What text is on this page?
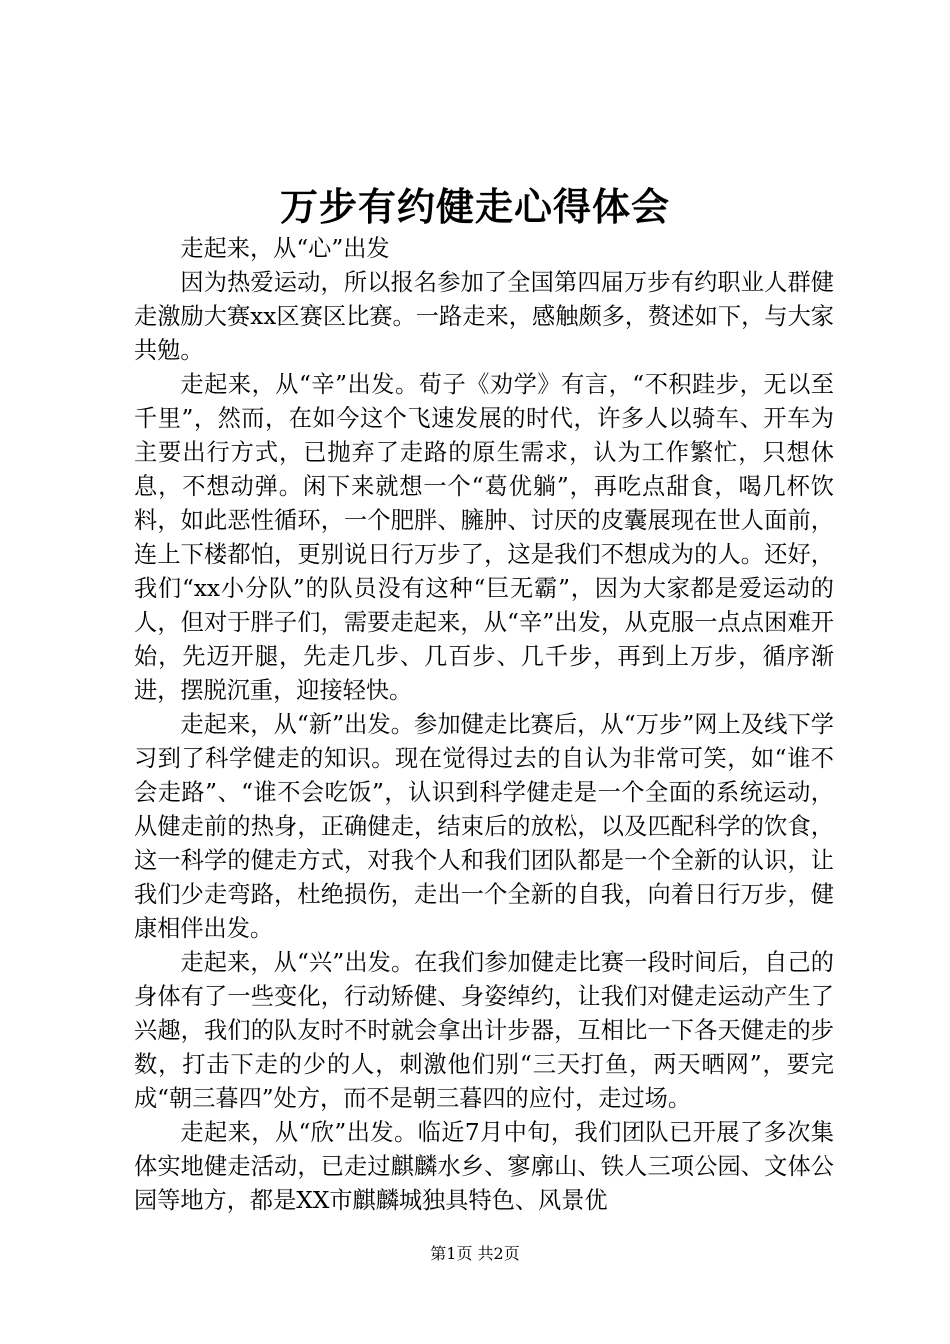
万步有约健走心得体会

走起来，从“心”出发

因为热爱运动，所以报名参加了全国第四届万步有约职业人群健走激励大赛xx区赛区比赛。一路走来，感触颇多，赘述如下，与大家共勉。

走起来，从“辛”出发。荀子《劝学》有言，“不积跬步，无以至千里”，然而，在如今这个飞速发展的时代，许多人以骑车、开车为主要出行方式，已抛弃了走路的原生需求，认为工作繁忙，只想休息，不想动弹。闲下来就想一个“葛优躺”，再吃点甜食，喝几杯饮料，如此恶性循环，一个肥胖、臃肿、讨厌的皮囊展现在世人面前，连上下楼都怕，更别说日行万步了，这是我们不想成为的人。还好，我们“xx小分队”的队员没有这种“巨无霸”，因为大家都是爱运动的人，但对于胖子们，需要走起来，从“辛”出发，从克服一点点困难开始，先迈开腿，先走几步、几百步、几千步，再到上万步，循序渐进，摆脱沉重，迎接轻快。

走起来，从“新”出发。参加健走比赛后，从“万步”网上及线下学习到了科学健走的知识。现在觉得过去的自认为非常可笑，如“谁不会走路”、“谁不会吃饭”，认识到科学健走是一个全面的系统运动，从健走前的热身，正确健走，结束后的放松，以及匹配科学的饮食，这一科学的健走方式，对我个人和我们团队都是一个全新的认识，让我们少走弯路，杜绝损伤，走出一个全新的自我，向着日行万步，健康相伴出发。

走起来，从“兴”出发。在我们参加健走比赛一段时间后，自己的身体有了一些变化，行动矫健、身姿绰约，让我们对健走运动产生了兴趣，我们的队友时不时就会拿出计步器，互相比一下各天健走的步数，打击下走的少的人，刺激他们别“三天打鱼，两天晒网”，要完成“朝三暮四”处方，而不是朝三暮四的应付，走过场。

走起来，从“欣”出发。临近7月中旬，我们团队已开展了多次集体实地健走活动，已走过麒麟水乡、寥廓山、铁人三项公园、文体公园等地方，都是XX市麒麟城独具特色、风景优

第1页 共2页
